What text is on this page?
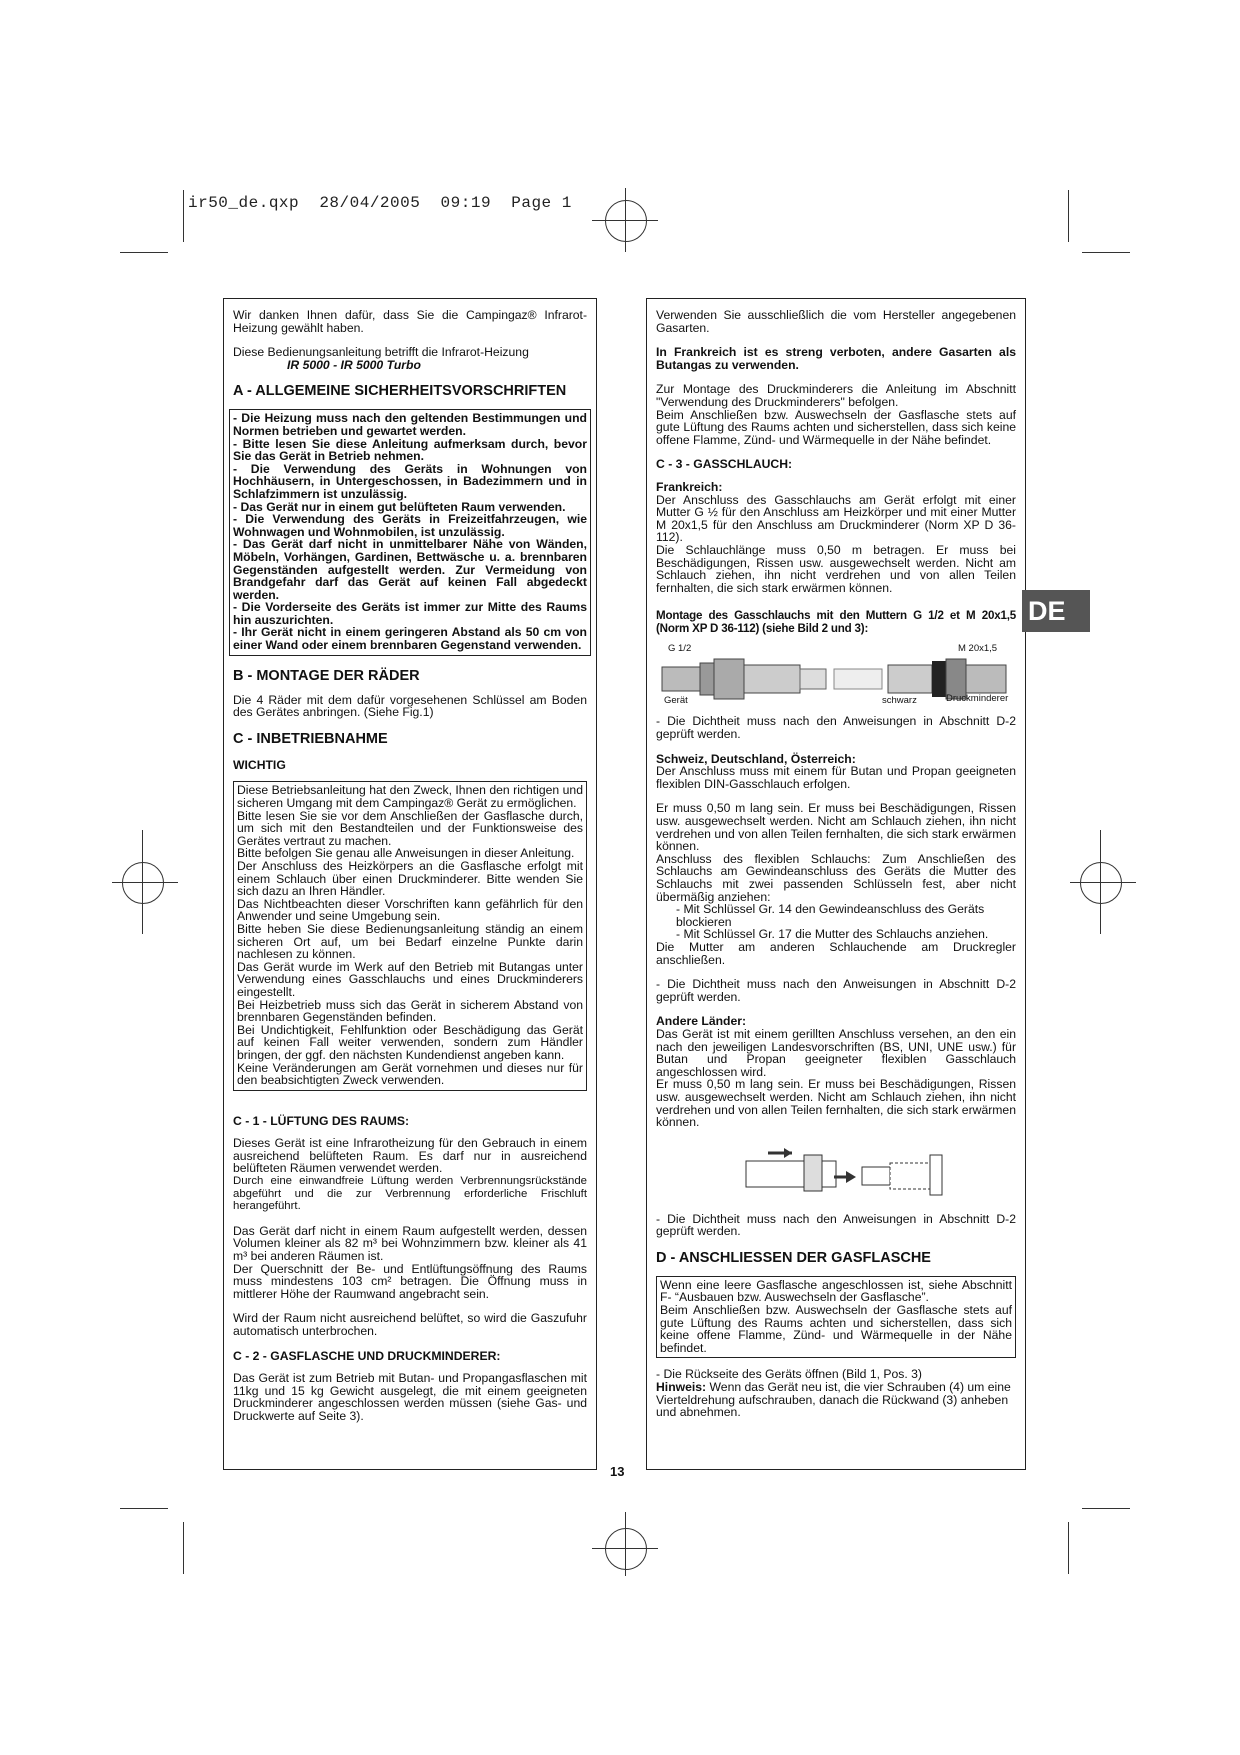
ir50_de.qxp  28/04/2005  09:19  Page 1

Wir danken Ihnen dafür, dass Sie die Campingaz® Infrarot-Heizung gewählt haben.

Diese Bedienungsanleitung betrifft die Infrarot-Heizung

IR 5000 - IR 5000 Turbo
A - ALLGEMEINE SICHERHEITSVORSCHRIFTEN
- Die Heizung muss nach den geltenden Bestimmungen und Normen betrieben und gewartet werden.
- Bitte lesen Sie diese Anleitung aufmerksam durch, bevor Sie das Gerät in Betrieb nehmen.
- Die Verwendung des Geräts in Wohnungen von Hochhäusern, in Untergeschossen, in Badezimmern und in Schlafzimmern ist unzulässig.
- Das Gerät nur in einem gut belüfteten Raum verwenden.
- Die Verwendung des Geräts in Freizeitfahrzeugen, wie Wohnwagen und Wohnmobilen, ist unzulässig.
- Das Gerät darf nicht in unmittelbarer Nähe von Wänden, Möbeln, Vorhängen, Gardinen, Bettwäsche u. a. brennbaren Gegenständen aufgestellt werden. Zur Vermeidung von Brandgefahr darf das Gerät auf keinen Fall abgedeckt werden.
- Die Vorderseite des Geräts ist immer zur Mitte des Raums hin auszurichten.
- Ihr Gerät nicht in einem geringeren Abstand als 50 cm von einer Wand oder einem brennbaren Gegenstand verwenden.
B - MONTAGE DER RÄDER

Die 4 Räder mit dem dafür vorgesehenen Schlüssel am Boden des Gerätes anbringen. (Siehe Fig.1)

C - INBETRIEBNAHME
WICHTIG
Diese Betriebsanleitung hat den Zweck, Ihnen den richtigen und sicheren Umgang mit dem Campingaz® Gerät zu ermöglichen.
Bitte lesen Sie sie vor dem Anschließen der Gasflasche durch, um sich mit den Bestandteilen und der Funktionsweise des Gerätes vertraut zu machen.
Bitte befolgen Sie genau alle Anweisungen in dieser Anleitung.
Der Anschluss des Heizkörpers an die Gasflasche erfolgt mit einem Schlauch über einen Druckminderer. Bitte wenden Sie sich dazu an Ihren Händler.
Das Nichtbeachten dieser Vorschriften kann gefährlich für den Anwender und seine Umgebung sein.
Bitte heben Sie diese Bedienungsanleitung ständig an einem sicheren Ort auf, um bei Bedarf einzelne Punkte darin nachlesen zu können.
Das Gerät wurde im Werk auf den Betrieb mit Butangas unter Verwendung eines Gasschlauchs und eines Druckminderers eingestellt.
Bei Heizbetrieb muss sich das Gerät in sicherem Abstand von brennbaren Gegenständen befinden.
Bei Undichtigkeit, Fehlfunktion oder Beschädigung das Gerät auf keinen Fall weiter verwenden, sondern zum Händler bringen, der ggf. den nächsten Kundendienst angeben kann.
Keine Veränderungen am Gerät vornehmen und dieses nur für den beabsichtigten Zweck verwenden.
C - 1 - LÜFTUNG DES RAUMS:

Dieses Gerät ist eine Infrarotheizung für den Gebrauch in einem ausreichend belüfteten Raum. Es darf nur in ausreichend belüfteten Räumen verwendet werden.

Durch eine einwandfreie Lüftung werden Verbrennungsrückstände abgeführt und die zur Verbrennung erforderliche Frischluft herangeführt.

Das Gerät darf nicht in einem Raum aufgestellt werden, dessen Volumen kleiner als 82 m³ bei Wohnzimmern bzw. kleiner als 41 m³ bei anderen Räumen ist.

Der Querschnitt der Be- und Entlüftungsöffnung des Raums muss mindestens 103 cm² betragen. Die Öffnung muss in mittlerer Höhe der Raumwand angebracht sein.

Wird der Raum nicht ausreichend belüftet, so wird die Gaszufuhr automatisch unterbrochen.

C - 2 - GASFLASCHE UND DRUCKMINDERER:

Das Gerät ist zum Betrieb mit Butan- und Propangasflaschen mit 11kg und 15 kg Gewicht ausgelegt, die mit einem geeigneten Druckminderer angeschlossen werden müssen (siehe Gas- und Druckwerte auf Seite 3).

Verwenden Sie ausschließlich die vom Hersteller angegebenen Gasarten.

In Frankreich ist es streng verboten, andere Gasarten als Butangas zu verwenden.

Zur Montage des Druckminderers die Anleitung im Abschnitt "Verwendung des Druckminderers" befolgen.

Beim Anschließen bzw. Auswechseln der Gasflasche stets auf gute Lüftung des Raums achten und sicherstellen, dass sich keine offene Flamme, Zünd- und Wärmequelle in der Nähe befindet.

C - 3 - GASSCHLAUCH:
Frankreich:

Der Anschluss des Gasschlauchs am Gerät erfolgt mit einer Mutter G ½ für den Anschluss am Heizkörper und mit einer Mutter M 20x1,5 für den Anschluss am Druckminderer (Norm XP D 36-112).

Die Schlauchlänge muss 0,50 m betragen. Er muss bei Beschädigungen, Rissen usw. ausgewechselt werden. Nicht am Schlauch ziehen, ihn nicht verdrehen und von allen Teilen fernhalten, die sich stark erwärmen können.

Montage des Gasschlauchs mit den Muttern G 1/2 et M 20x1,5 (Norm XP D 36-112) (siehe Bild 2 und 3):

G 1/2	M 20x1,5
Gerät	schwarz	Druckminderer

- Die Dichtheit muss nach den Anweisungen in Abschnitt D-2 geprüft werden.

Schweiz, Deutschland, Österreich:

Der Anschluss muss mit einem für Butan und Propan geeigneten flexiblen DIN-Gasschlauch erfolgen.

Er muss 0,50 m lang sein. Er muss bei Beschädigungen, Rissen usw. ausgewechselt werden. Nicht am Schlauch ziehen, ihn nicht verdrehen und von allen Teilen fernhalten, die sich stark erwärmen können.

Anschluss des flexiblen Schlauchs: Zum Anschließen des Schlauchs am Gewindeanschluss des Geräts die Mutter des Schlauchs mit zwei passenden Schlüsseln fest, aber nicht übermäßig anziehen:

- Mit Schlüssel Gr. 14 den Gewindeanschluss des Geräts blockieren
- Mit Schlüssel Gr. 17 die Mutter des Schlauchs anziehen.

Die Mutter am anderen Schlauchende am Druckregler anschließen.

- Die Dichtheit muss nach den Anweisungen in Abschnitt D-2 geprüft werden.

Andere Länder:

Das Gerät ist mit einem gerillten Anschluss versehen, an den ein nach den jeweiligen Landesvorschriften (BS, UNI, UNE usw.) für Butan und Propan geeigneter flexiblen Gasschlauch angeschlossen wird.

Er muss 0,50 m lang sein. Er muss bei Beschädigungen, Rissen usw. ausgewechselt werden. Nicht am Schlauch ziehen, ihn nicht verdrehen und von allen Teilen fernhalten, die sich stark erwärmen können.

- Die Dichtheit muss nach den Anweisungen in Abschnitt D-2 geprüft werden.

D - ANSCHLIESSEN DER GASFLASCHE
Wenn eine leere Gasflasche angeschlossen ist, siehe Abschnitt F- “Ausbauen bzw. Auswechseln der Gasflasche”.
Beim Anschließen bzw. Auswechseln der Gasflasche stets auf gute Lüftung des Raums achten und sicherstellen, dass sich keine offene Flamme, Zünd- und Wärmequelle in der Nähe befindet.

- Die Rückseite des Geräts öffnen (Bild 1, Pos. 3)

Hinweis: Wenn das Gerät neu ist, die vier Schrauben (4) um eine Vierteldrehung aufschrauben, danach die Rückwand (3) anheben und abnehmen.
DE
13
